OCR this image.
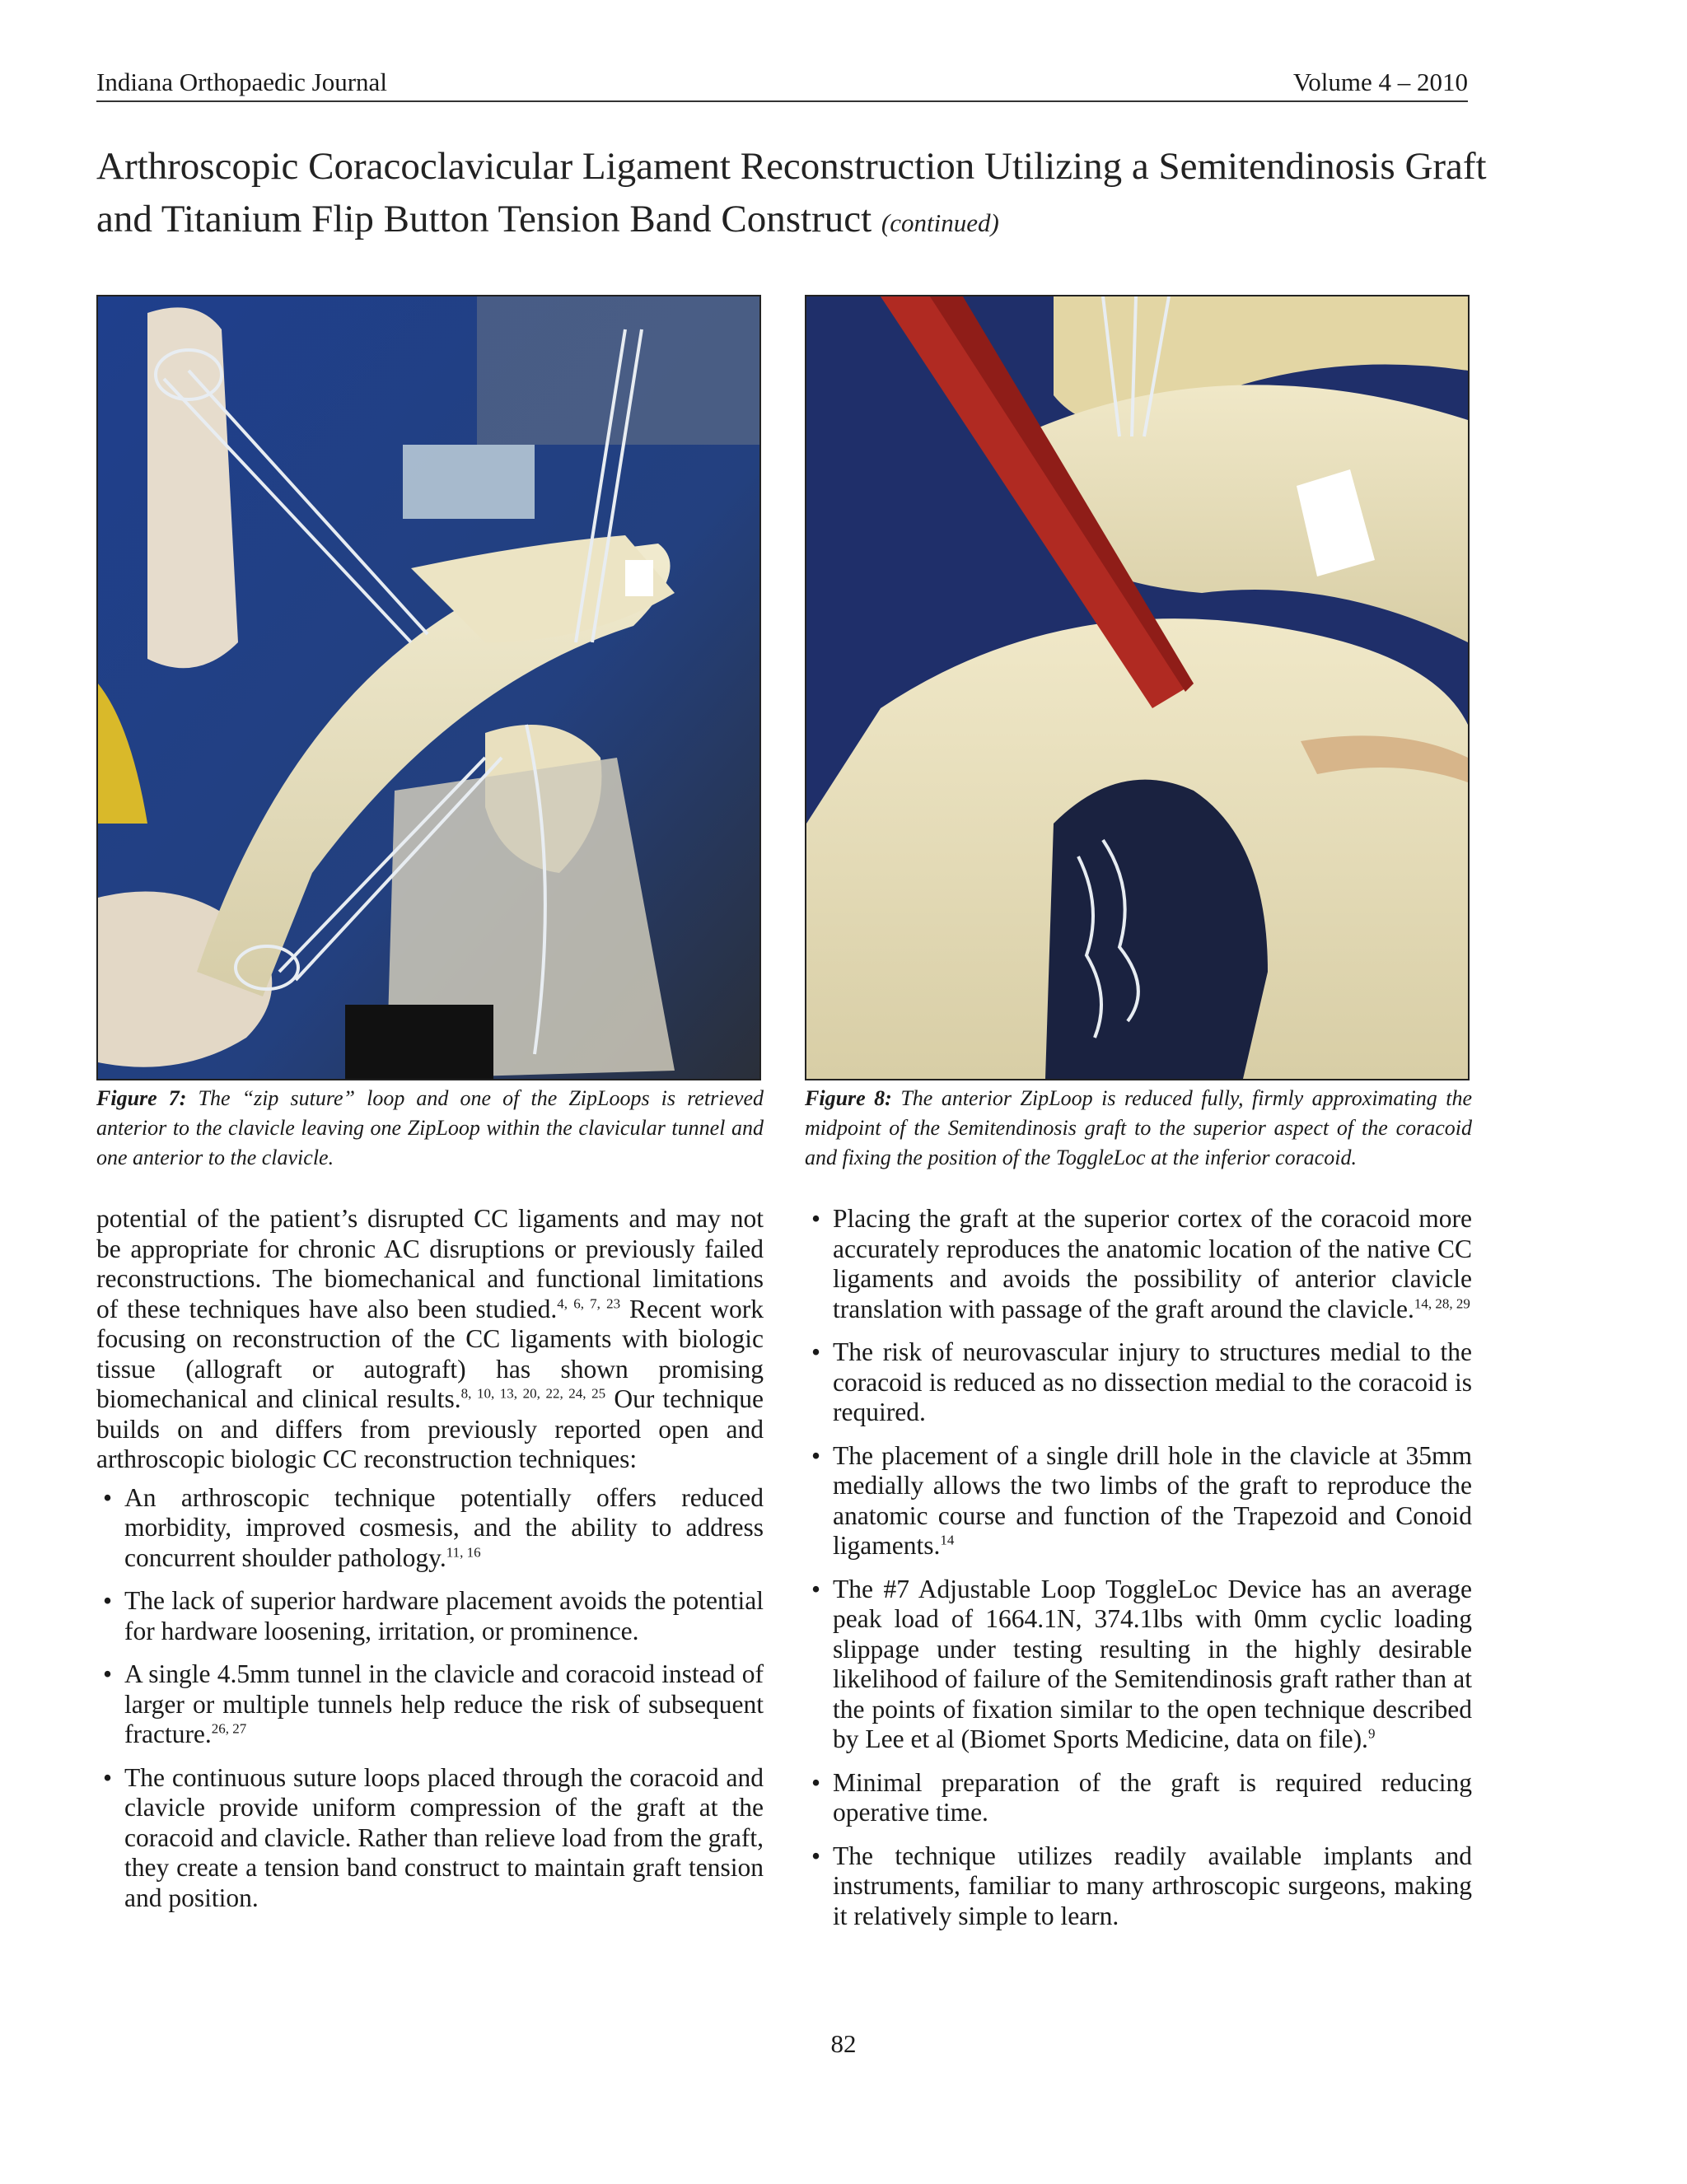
Indiana Orthopaedic Journal	Volume 4 – 2010
Arthroscopic Coracoclavicular Ligament Reconstruction Utilizing a Semitendinosis Graft and Titanium Flip Button Tension Band Construct (continued)
Figure 7: The “zip suture” loop and one of the ZipLoops is retrieved anterior to the clavicle leaving one ZipLoop within the clavicular tunnel and one anterior to the clavicle.
Figure 8: The anterior ZipLoop is reduced fully, firmly approximating the midpoint of the Semitendinosis graft to the superior aspect of the coracoid and fixing the position of the ToggleLoc at the inferior coracoid.

potential of the patient’s disrupted CC ligaments and may not be appropriate for chronic AC disruptions or previously failed reconstructions. The biomechanical and functional limitations of these techniques have also been studied.$^{4, 6, 7, 23}$ Recent work focusing on reconstruction of the CC ligaments with biologic tissue (allograft or autograft) has shown promising biomechanical and clinical results.$^{8, 10, 13, 20, 22, 24, 25}$ Our technique builds on and differs from previously reported open and arthroscopic biologic CC reconstruction techniques:

• An arthroscopic technique potentially offers reduced morbidity, improved cosmesis, and the ability to address concurrent shoulder pathology.$^{11, 16}$
• The lack of superior hardware placement avoids the potential for hardware loosening, irritation, or prominence.
• A single 4.5mm tunnel in the clavicle and coracoid instead of larger or multiple tunnels help reduce the risk of subsequent fracture.$^{26, 27}$
• The continuous suture loops placed through the coracoid and clavicle provide uniform compression of the graft at the coracoid and clavicle. Rather than relieve load from the graft, they create a tension band construct to maintain graft tension and position.
• Placing the graft at the superior cortex of the coracoid more accurately reproduces the anatomic location of the native CC ligaments and avoids the possibility of anterior clavicle translation with passage of the graft around the clavicle.$^{14, 28, 29}$
• The risk of neurovascular injury to structures medial to the coracoid is reduced as no dissection medial to the coracoid is required.
• The placement of a single drill hole in the clavicle at 35mm medially allows the two limbs of the graft to reproduce the anatomic course and function of the Trapezoid and Conoid ligaments.$^{14}$
• The #7 Adjustable Loop ToggleLoc Device has an average peak load of 1664.1N, 374.1lbs with 0mm cyclic loading slippage under testing resulting in the highly desirable likelihood of failure of the Semitendinosis graft rather than at the points of fixation similar to the open technique described by Lee et al (Biomet Sports Medicine, data on file).$^9$
• Minimal preparation of the graft is required reducing operative time.
• The technique utilizes readily available implants and instruments, familiar to many arthroscopic surgeons, making it relatively simple to learn.
82
